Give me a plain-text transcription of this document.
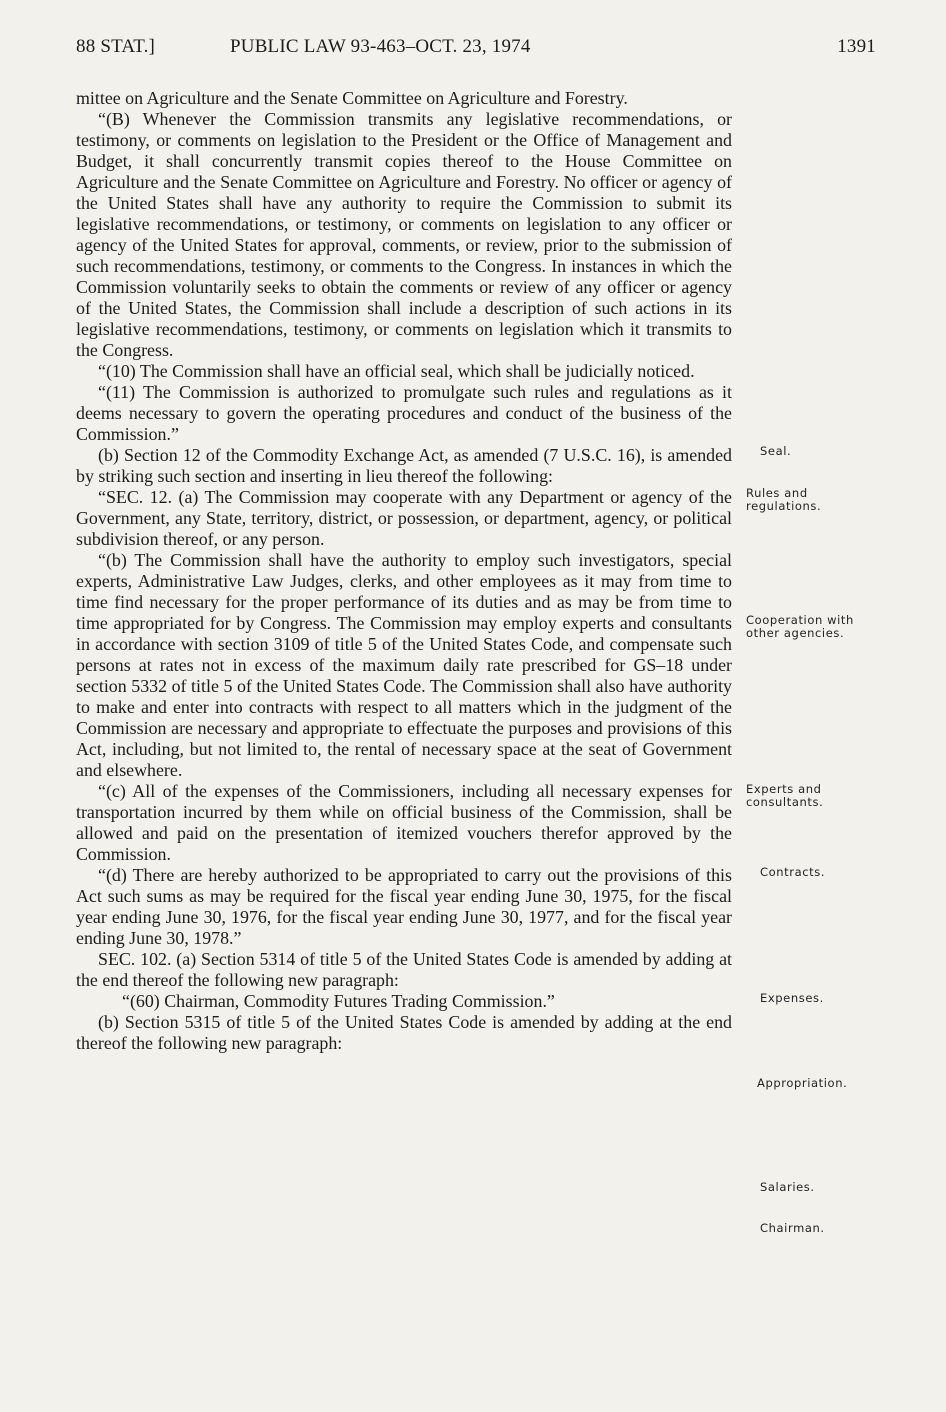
88 STAT.]	PUBLIC LAW 93-463–OCT. 23, 1974	1391

mittee on Agriculture and the Senate Committee on Agriculture and Forestry.

“(B) Whenever the Commission transmits any legislative recommendations, or testimony, or comments on legislation to the President or the Office of Management and Budget, it shall concurrently transmit copies thereof to the House Committee on Agriculture and the Senate Committee on Agriculture and Forestry. No officer or agency of the United States shall have any authority to require the Commission to submit its legislative recommendations, or testimony, or comments on legislation to any officer or agency of the United States for approval, comments, or review, prior to the submission of such recommendations, testimony, or comments to the Congress. In instances in which the Commission voluntarily seeks to obtain the comments or review of any officer or agency of the United States, the Commission shall include a description of such actions in its legislative recommendations, testimony, or comments on legislation which it transmits to the Congress.

“(10) The Commission shall have an official seal, which shall be judicially noticed.

“(11) The Commission is authorized to promulgate such rules and regulations as it deems necessary to govern the operating procedures and conduct of the business of the Commission.”

(b) Section 12 of the Commodity Exchange Act, as amended (7 U.S.C. 16), is amended by striking such section and inserting in lieu thereof the following:

“SEC. 12. (a) The Commission may cooperate with any Department or agency of the Government, any State, territory, district, or possession, or department, agency, or political subdivision thereof, or any person.

“(b) The Commission shall have the authority to employ such investigators, special experts, Administrative Law Judges, clerks, and other employees as it may from time to time find necessary for the proper performance of its duties and as may be from time to time appropriated for by Congress. The Commission may employ experts and consultants in accordance with section 3109 of title 5 of the United States Code, and compensate such persons at rates not in excess of the maximum daily rate prescribed for GS–18 under section 5332 of title 5 of the United States Code. The Commission shall also have authority to make and enter into contracts with respect to all matters which in the judgment of the Commission are necessary and appropriate to effectuate the purposes and provisions of this Act, including, but not limited to, the rental of necessary space at the seat of Government and elsewhere.

“(c) All of the expenses of the Commissioners, including all necessary expenses for transportation incurred by them while on official business of the Commission, shall be allowed and paid on the presentation of itemized vouchers therefor approved by the Commission.

“(d) There are hereby authorized to be appropriated to carry out the provisions of this Act such sums as may be required for the fiscal year ending June 30, 1975, for the fiscal year ending June 30, 1976, for the fiscal year ending June 30, 1977, and for the fiscal year ending June 30, 1978.”

SEC. 102. (a) Section 5314 of title 5 of the United States Code is amended by adding at the end thereof the following new paragraph:

“(60) Chairman, Commodity Futures Trading Commission.”

(b) Section 5315 of title 5 of the United States Code is amended by adding at the end thereof the following new paragraph:

Seal.
Rules and regulations.
Cooperation with other agencies.
Experts and consultants.
Contracts.
Expenses.
Appropriation.
Salaries.
Chairman.
